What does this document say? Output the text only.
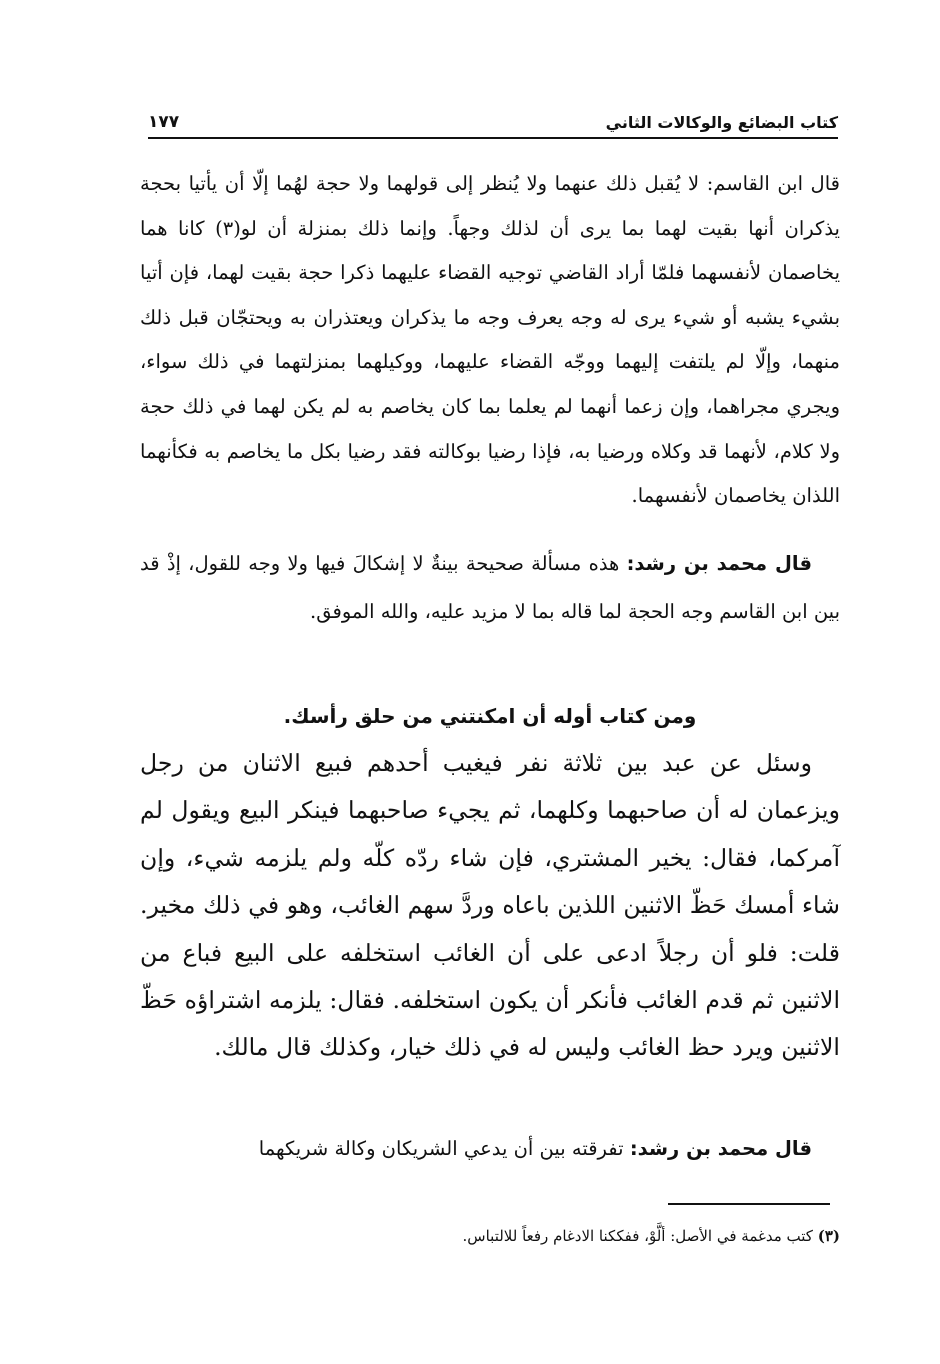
١٧٧	كتاب البضائع والوكالات الثاني
قال ابن القاسم: لا يُقبل ذلك عنهما ولا يُنظر إلى قولهما ولا حجة لهُما إلّا أن يأتيا بحجة يذكران أنها بقيت لهما بما يرى أن لذلك وجهاً. وإنما ذلك بمنزلة أن لو(٣) كانا هما يخاصمان لأنفسهما فلمّا أراد القاضي توجيه القضاء عليهما ذكرا حجة بقيت لهما، فإن أتيا بشيء يشبه أو شيء يرى له وجه يعرف وجه ما يذكران ويعتذران به ويحتجّان قبل ذلك منهما، وإلّا لم يلتفت إليهما ووجّه القضاء عليهما، ووكيلهما بمنزلتهما في ذلك سواء، ويجري مجراهما، وإن زعما أنهما لم يعلما بما كان يخاصم به لم يكن لهما في ذلك حجة ولا كلام، لأنهما قد وكلاه ورضيا به، فإذا رضيا بوكالته فقد رضيا بكل ما يخاصم به فكأنهما اللذان يخاصمان لأنفسهما.
قال محمد بن رشد: هذه مسألة صحيحة بينةٌ لا إشكالَ فيها ولا وجه للقول، إذْ قد بين ابن القاسم وجه الحجة لما قاله بما لا مزيد عليه، والله الموفق.
ومن كتاب أوله أن امكنتني من حلق رأسك.
وسئل عن عبد بين ثلاثة نفر فيغيب أحدهم فبيع الاثنان من رجل ويزعمان له أن صاحبهما وكلهما، ثم يجيء صاحبهما فينكر البيع ويقول لم آمركما، فقال: يخير المشتري، فإن شاء ردّه كلّه ولم يلزمه شيء، وإن شاء أمسك حَظّ الاثنين اللذين باعاه وردَّ سهم الغائب، وهو في ذلك مخير. قلت: فلو أن رجلاً ادعى على أن الغائب استخلفه على البيع فباع من الاثنين ثم قدم الغائب فأنكر أن يكون استخلفه. فقال: يلزمه اشتراؤه حَظّ الاثنين ويرد حظ الغائب وليس له في ذلك خيار، وكذلك قال مالك.
قال محمد بن رشد: تفرقته بين أن يدعي الشريكان وكالة شريكهما
(٣) كتب مدغمة في الأصل: ألَّوْ، ففككنا الادغام رفعاً للالتباس.
